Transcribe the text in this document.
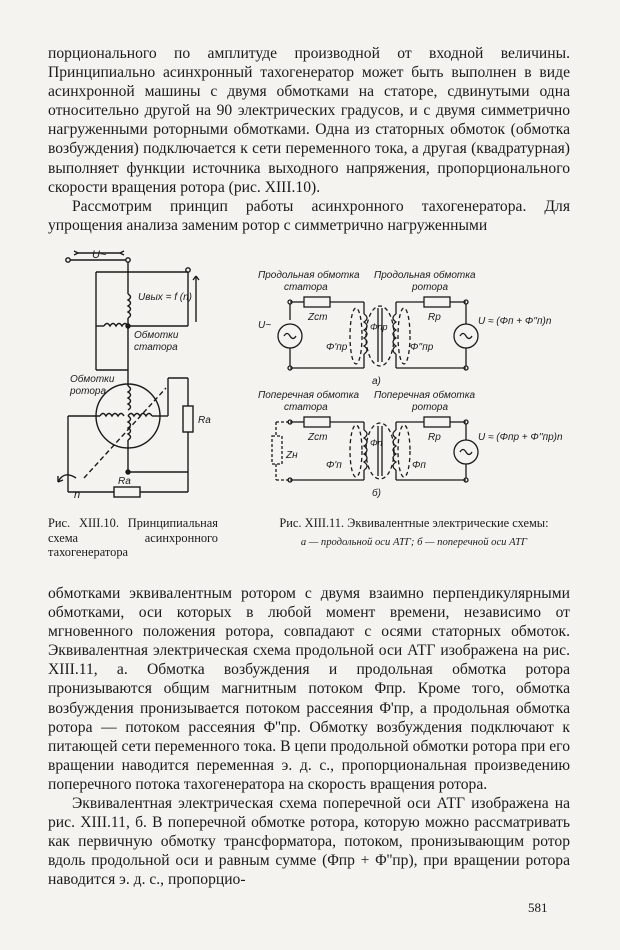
порционального по амплитуде производной от входной величины. Принципиально асинхронный тахогенератор может быть выполнен в виде асинхронной машины с двумя обмотками на статоре, сдвинутыми одна относительно другой на 90 электрических градусов, и с двумя симметрично нагруженными роторными обмотками. Одна из статорных обмоток (обмотка возбуждения) подключается к сети переменного тока, а другая (квадратурная) выполняет функции источника выходного напряжения, пропорционального скорости вращения ротора (рис. XIII.10).

Рассмотрим принцип работы асинхронного тахогенератора. Для упрощения анализа заменим ротор с симметрично нагруженными

U~
Uвых = f (n)
Обмотки
статора
Обмотки
ротора
Ra
Ra
n
Продольная обмотка
статора
Продольная обмотка
ротора
U~
Zст	Rр
Φ'пр
Φпр
Φ''пр
U ≈ (Φп + Φ''п)n
а)
Поперечная обмотка
статора
Поперечная обмотка
ротора
Zст	Rр
Zн
Φ'п
Φп
Φп
U ≈ (Φпр + Φ''пр)n
б)
Рис. XIII.10. Принципиальная схема асинхронного тахогенератора
Рис. XIII.11. Эквивалентные электрические схемы:
а — продольной оси АТГ; б — поперечной оси АТГ

обмотками эквивалентным ротором с двумя взаимно перпендикулярными обмотками, оси которых в любой момент времени, независимо от мгновенного положения ротора, совпадают с осями статорных обмоток. Эквивалентная электрическая схема продольной оси АТГ изображена на рис. XIII.11, а. Обмотка возбуждения и продольная обмотка ротора пронизываются общим магнитным потоком Φпр. Кроме того, обмотка возбуждения пронизывается потоком рассеяния Φ'пр, а продольная обмотка ротора — потоком рассеяния Φ''пр. Обмотку возбуждения подключают к питающей сети переменного тока. В цепи продольной обмотки ротора при его вращении наводится переменная э. д. с., пропорциональная произведению поперечного потока тахогенератора на скорость вращения ротора.

Эквивалентная электрическая схема поперечной оси АТГ изображена на рис. XIII.11, б. В поперечной обмотке ротора, которую можно рассматривать как первичную обмотку трансформатора, потоком, пронизывающим ротор вдоль продольной оси и равным сумме (Φпр + Φ''пр), при вращении ротора наводится э. д. с., пропорцио-

581
